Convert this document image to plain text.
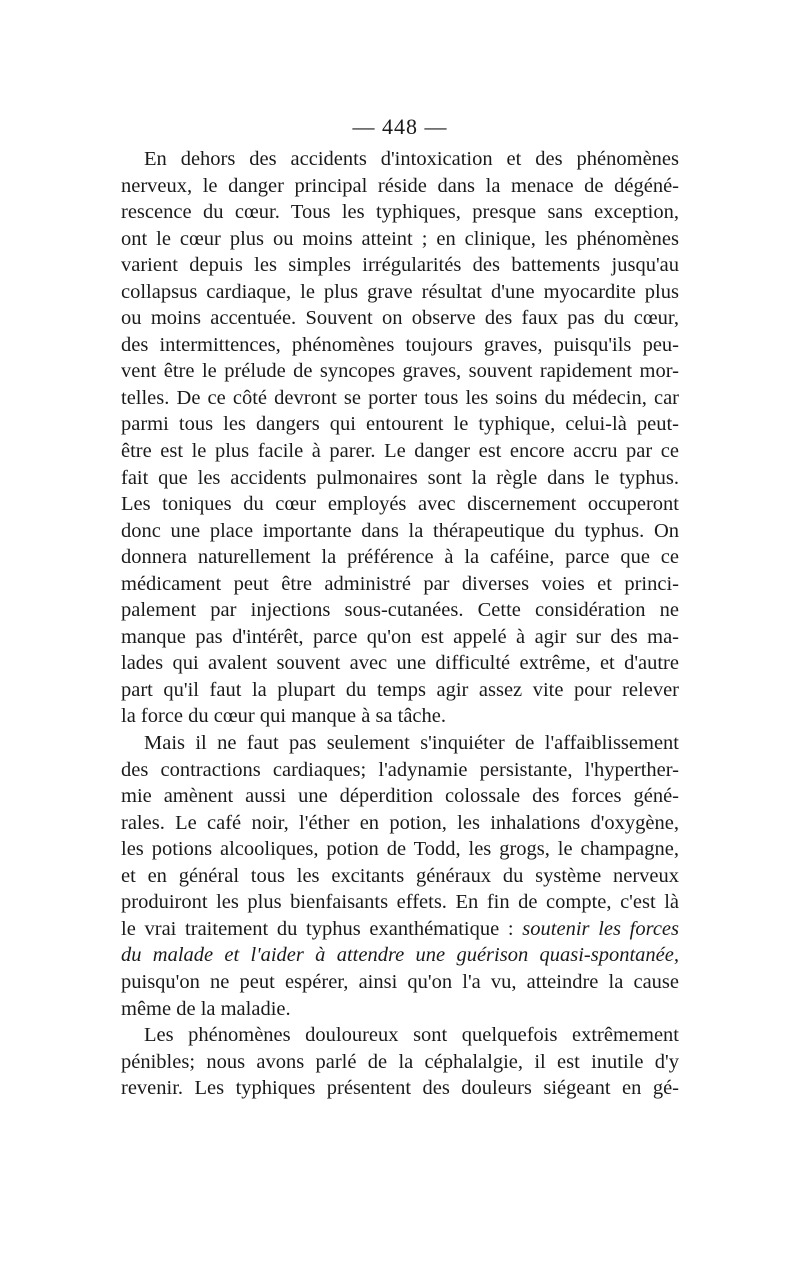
— 448 —
En dehors des accidents d'intoxication et des phénomènes
nerveux, le danger principal réside dans la menace de dégéné-
rescence du cœur. Tous les typhiques, presque sans exception,
ont le cœur plus ou moins atteint ; en clinique, les phénomènes
varient depuis les simples irrégularités des battements jusqu'au
collapsus cardiaque, le plus grave résultat d'une myocardite plus
ou moins accentuée. Souvent on observe des faux pas du cœur,
des intermittences, phénomènes toujours graves, puisqu'ils peu-
vent être le prélude de syncopes graves, souvent rapidement mor-
telles. De ce côté devront se porter tous les soins du médecin, car
parmi tous les dangers qui entourent le typhique, celui-là peut-
être est le plus facile à parer. Le danger est encore accru par ce
fait que les accidents pulmonaires sont la règle dans le typhus.
Les toniques du cœur employés avec discernement occuperont
donc une place importante dans la thérapeutique du typhus. On
donnera naturellement la préférence à la caféine, parce que ce
médicament peut être administré par diverses voies et princi-
palement par injections sous-cutanées. Cette considération ne
manque pas d'intérêt, parce qu'on est appelé à agir sur des ma-
lades qui avalent souvent avec une difficulté extrême, et d'autre
part qu'il faut la plupart du temps agir assez vite pour relever
la force du cœur qui manque à sa tâche.
Mais il ne faut pas seulement s'inquiéter de l'affaiblissement
des contractions cardiaques; l'adynamie persistante, l'hyperther-
mie amènent aussi une déperdition colossale des forces géné-
rales. Le café noir, l'éther en potion, les inhalations d'oxygène,
les potions alcooliques, potion de Todd, les grogs, le champagne,
et en général tous les excitants généraux du système nerveux
produiront les plus bienfaisants effets. En fin de compte, c'est là
le vrai traitement du typhus exanthématique : soutenir les forces
du malade et l'aider à attendre une guérison quasi-spontanée,
puisqu'on ne peut espérer, ainsi qu'on l'a vu, atteindre la cause
même de la maladie.
Les phénomènes douloureux sont quelquefois extrêmement
pénibles; nous avons parlé de la céphalalgie, il est inutile d'y
revenir. Les typhiques présentent des douleurs siégeant en gé-
